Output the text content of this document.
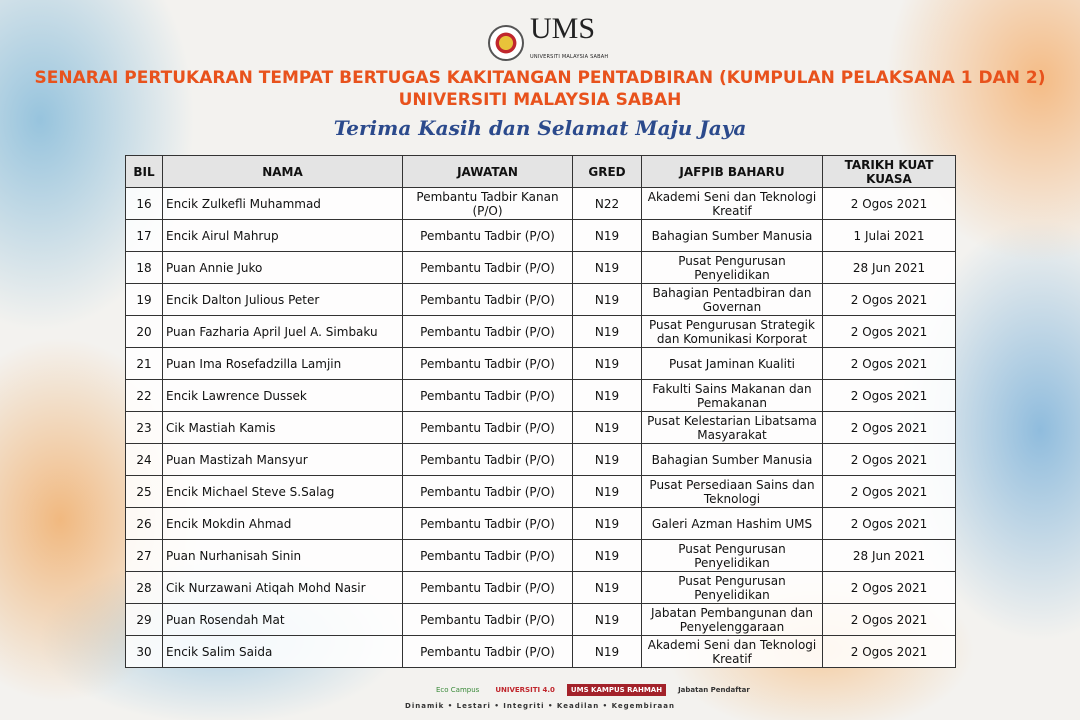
UMS
UNIVERSITI MALAYSIA SABAH
SENARAI PERTUKARAN TEMPAT BERTUGAS KAKITANGAN PENTADBIRAN (KUMPULAN PELAKSANA 1 DAN 2)
UNIVERSITI MALAYSIA SABAH
Terima Kasih dan Selamat Maju Jaya
BIL	NAMA	JAWATAN	GRED	JAFPIB BAHARU	TARIKH KUAT KUASA
16	Encik Zulkefli Muhammad	Pembantu Tadbir Kanan (P/O)	N22	Akademi Seni dan Teknologi Kreatif	2 Ogos 2021
17	Encik Airul Mahrup	Pembantu Tadbir (P/O)	N19	Bahagian Sumber Manusia	1 Julai 2021
18	Puan Annie Juko	Pembantu Tadbir (P/O)	N19	Pusat Pengurusan Penyelidikan	28 Jun 2021
19	Encik Dalton Julious Peter	Pembantu Tadbir (P/O)	N19	Bahagian Pentadbiran dan Governan	2 Ogos 2021
20	Puan Fazharia April Juel A. Simbaku	Pembantu Tadbir (P/O)	N19	Pusat Pengurusan Strategik dan Komunikasi Korporat	2 Ogos 2021
21	Puan Ima Rosefadzilla Lamjin	Pembantu Tadbir (P/O)	N19	Pusat Jaminan Kualiti	2 Ogos 2021
22	Encik Lawrence Dussek	Pembantu Tadbir (P/O)	N19	Fakulti Sains Makanan dan Pemakanan	2 Ogos 2021
23	Cik Mastiah Kamis	Pembantu Tadbir (P/O)	N19	Pusat Kelestarian Libatsama Masyarakat	2 Ogos 2021
24	Puan Mastizah Mansyur	Pembantu Tadbir (P/O)	N19	Bahagian Sumber Manusia	2 Ogos 2021
25	Encik Michael Steve S.Salag	Pembantu Tadbir (P/O)	N19	Pusat Persediaan Sains dan Teknologi	2 Ogos 2021
26	Encik Mokdin Ahmad	Pembantu Tadbir (P/O)	N19	Galeri Azman Hashim UMS	2 Ogos 2021
27	Puan Nurhanisah Sinin	Pembantu Tadbir (P/O)	N19	Pusat Pengurusan Penyelidikan	28 Jun 2021
28	Cik Nurzawani Atiqah Mohd Nasir	Pembantu Tadbir (P/O)	N19	Pusat Pengurusan Penyelidikan	2 Ogos 2021
29	Puan Rosendah Mat	Pembantu Tadbir (P/O)	N19	Jabatan Pembangunan dan Penyelenggaraan	2 Ogos 2021
30	Encik Salim Saida	Pembantu Tadbir (P/O)	N19	Akademi Seni dan Teknologi Kreatif	2 Ogos 2021
Eco Campus	UNIVERSITI 4.0	UMS KAMPUS RAHMAH	Jabatan Pendaftar
Dinamik • Lestari • Integriti • Keadilan • Kegembiraan
